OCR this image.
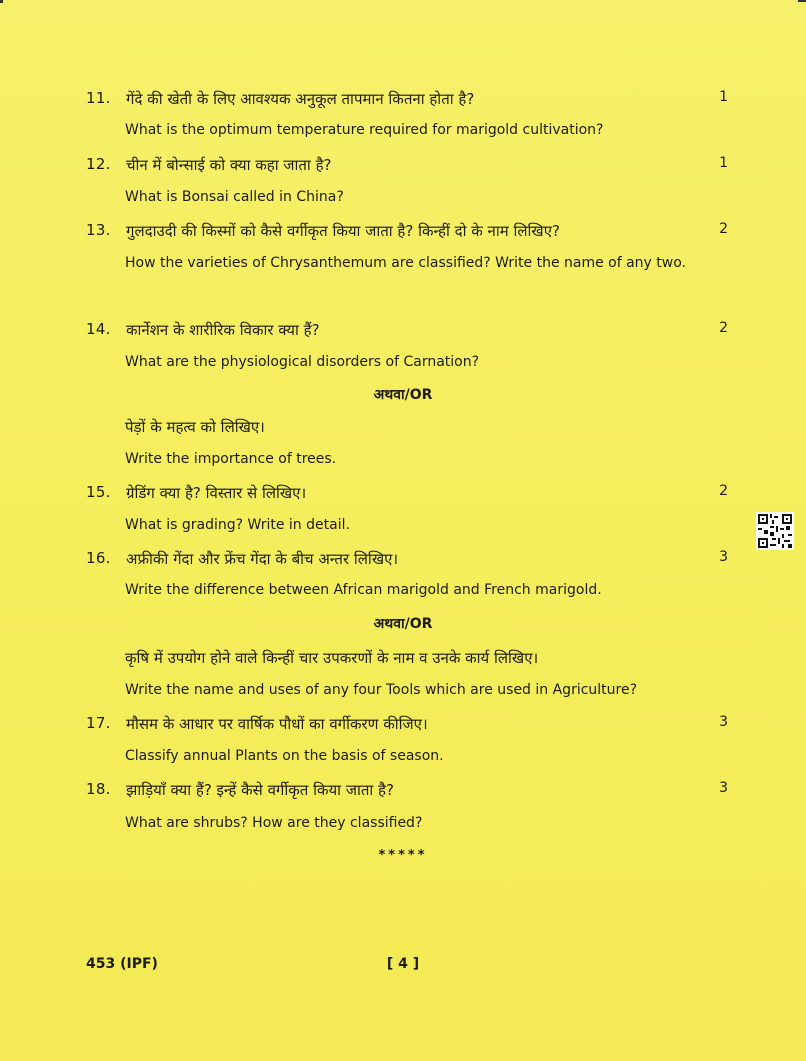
11. गेंदे की खेती के लिए आवश्यक अनुकूल तापमान कितना होता है?	1
What is the optimum temperature required for marigold cultivation?
12. चीन में बोन्साई को क्या कहा जाता है?	1
What is Bonsai called in China?
13. गुलदाउदी की किस्मों को कैसे वर्गीकृत किया जाता है? किन्हीं दो के नाम लिखिए?	2
How the varieties of Chrysanthemum are classified? Write the name of any two.
14. कार्नेशन के शारीरिक विकार क्या हैं?	2
What are the physiological disorders of Carnation?
अथवा/OR
पेड़ों के महत्व को लिखिए।
Write the importance of trees.
15. ग्रेडिंग क्या है? विस्तार से लिखिए।	2
What is grading? Write in detail.
16. अफ्रीकी गेंदा और फ्रेंच गेंदा के बीच अन्तर लिखिए।	3
Write the difference between African marigold and French marigold.
अथवा/OR
कृषि में उपयोग होने वाले किन्हीं चार उपकरणों के नाम व उनके कार्य लिखिए।
Write the name and uses of any four Tools which are used in Agriculture?
17. मौसम के आधार पर वार्षिक पौधों का वर्गीकरण कीजिए।	3
Classify annual Plants on the basis of season.
18. झाड़ियाँ क्या हैं? इन्हें कैसे वर्गीकृत किया जाता है?	3
What are shrubs? How are they classified?
*****
453 (IPF)	[ 4 ]
